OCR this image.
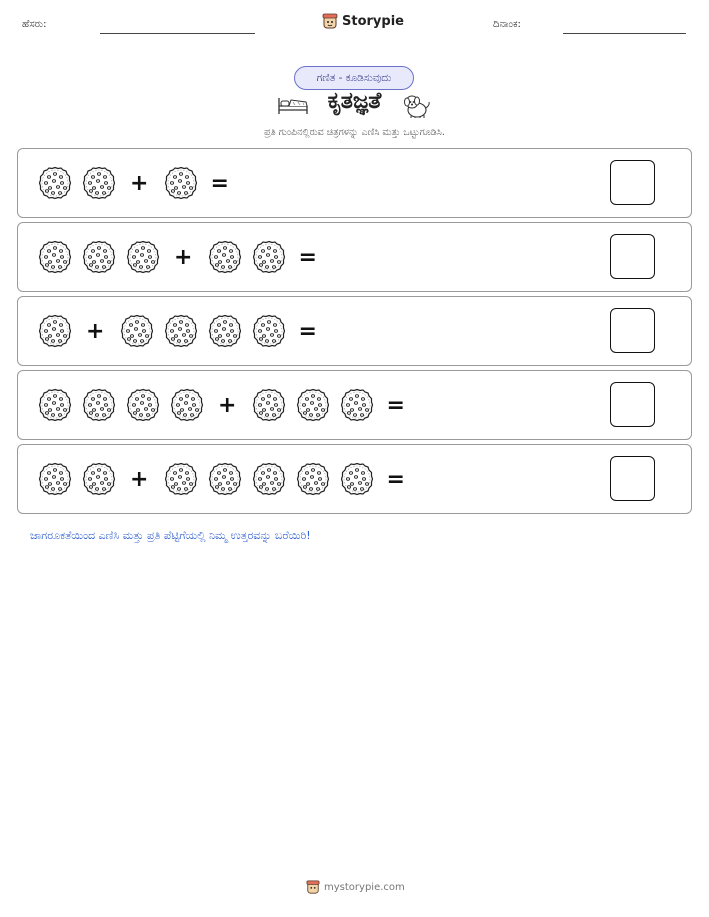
ಹೆಸರು:	Storypie	ದಿನಾಂಕ:
ಗಣಿತ - ಕೂಡಿಸುವುದು
ಕೃತಜ್ಞತೆ
ಪ್ರತಿ ಗುಂಪಿನಲ್ಲಿರುವ ಚಿತ್ರಗಳನ್ನು ಎಣಿಸಿ ಮತ್ತು ಒಟ್ಟುಗೂಡಿಸಿ.
+	=
+	=
+	=
+	=
+	=
ಜಾಗರೂಕತೆಯಿಂದ ಎಣಿಸಿ ಮತ್ತು ಪ್ರತಿ ಪೆಟ್ಟಿಗೆಯಲ್ಲಿ ನಿಮ್ಮ ಉತ್ತರವನ್ನು ಬರೆಯಿರಿ!
mystorypie.com
